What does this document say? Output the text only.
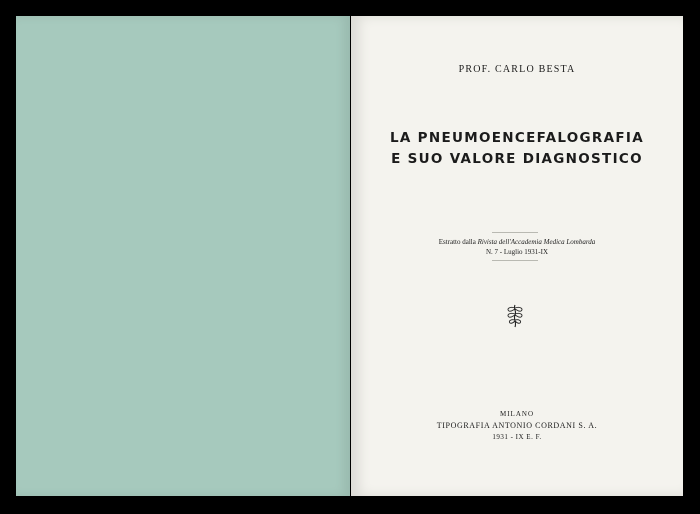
PROF. CARLO BESTA
LA PNEUMOENCEFALOGRAFIA
E SUO VALORE DIAGNOSTICO
Estratto dalla Rivista dell'Accademia Medica Lombarda
N. 7 - Luglio 1931-IX
MILANO
TIPOGRAFIA ANTONIO CORDANI S. A.
1931 - IX E. F.
